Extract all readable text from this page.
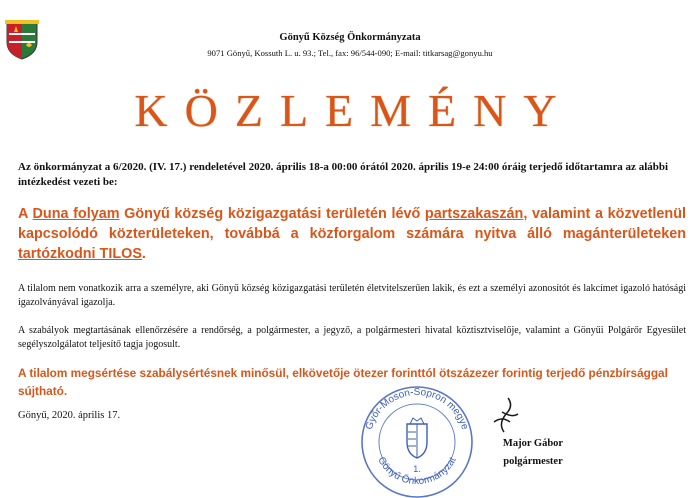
Gönyű Község Önkormányzata
9071 Gönyű, Kossuth L. u. 93.; Tel., fax: 96/544-090; E-mail: titkarsag@gonyu.hu
KÖZLEMÉNY
Az önkormányzat a 6/2020. (IV. 17.) rendeletével 2020. április 18-a 00:00 órától 2020. április 19-e 24:00 óráig terjedő időtartamra az alábbi intézkedést vezeti be:
A Duna folyam Gönyű község közigazgatási területén lévő partszakaszán, valamint a közvetlenül kapcsolódó közterületeken, továbbá a közforgalom számára nyitva álló magánterületeken tartózkodni TILOS.
A tilalom nem vonatkozik arra a személyre, aki Gönyű község közigazgatási területén életvitelszerűen lakik, és ezt a személyi azonosítót és lakcímet igazoló hatósági igazolványával igazolja.
A szabályok megtartásának ellenőrzésére a rendőrség, a polgármester, a jegyző, a polgármesteri hivatal köztisztviselője, valamint a Gönyűi Polgárőr Egyesület segélyszolgálatot teljesítő tagja jogosult.
A tilalom megsértése szabálysértésnek minősül, elkövetője ötezer forinttól ötszázezer forintig terjedő pénzbírsággal sújtható.
Gönyű, 2020. április 17.
Győr-Moson-Sopron megye
Gönyű Önkormányzat
1.
Major Gábor
polgármester
